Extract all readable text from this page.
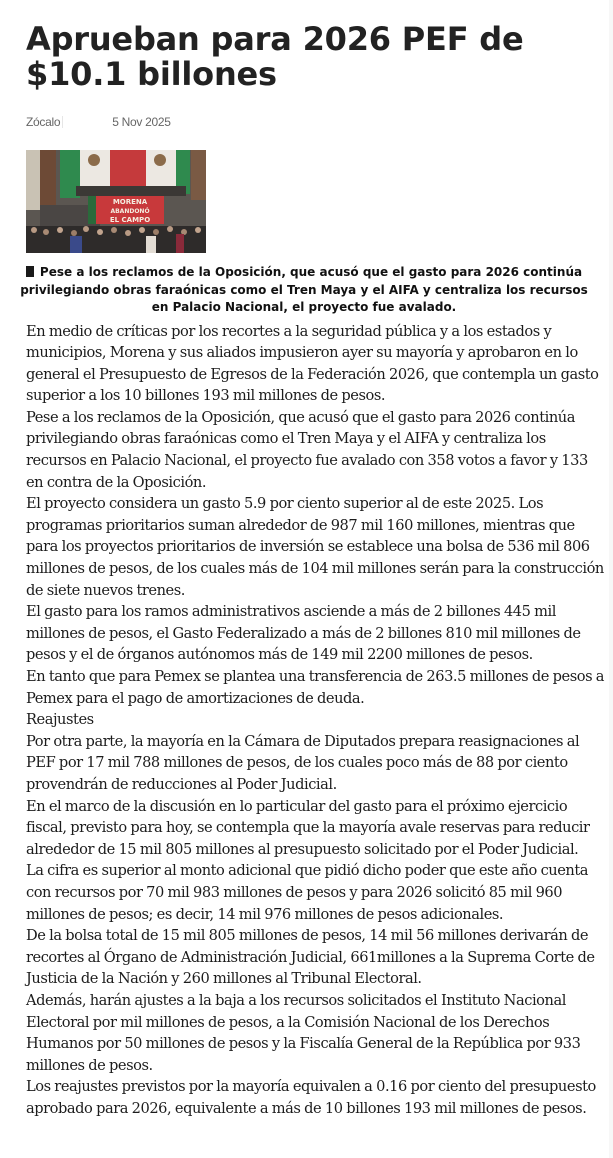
Aprueban para 2026 PEF de $10.1 billones
Zócalo	5 Nov 2025
MORENA
ABANDONÓ
EL CAMPO

Pese a los reclamos de la Oposición, que acusó que el gasto para 2026 continúa privilegiando obras faraónicas como el Tren Maya y el AIFA y centraliza los recursos en Palacio Nacional, el proyecto fue avalado.

En medio de críticas por los recortes a la seguridad pública y a los estados y municipios, Morena y sus aliados impusieron ayer su mayoría y aprobaron en lo general el Presupuesto de Egresos de la Federación 2026, que contempla un gasto superior a los 10 billones 193 mil millones de pesos.

Pese a los reclamos de la Oposición, que acusó que el gasto para 2026 continúa privilegiando obras faraónicas como el Tren Maya y el AIFA y centraliza los recursos en Palacio Nacional, el proyecto fue avalado con 358 votos a favor y 133 en contra de la Oposición.

El proyecto considera un gasto 5.9 por ciento superior al de este 2025. Los programas prioritarios suman alrededor de 987 mil 160 millones, mientras que para los proyectos prioritarios de inversión se establece una bolsa de 536 mil 806 millones de pesos, de los cuales más de 104 mil millones serán para la construcción de siete nuevos trenes.

El gasto para los ramos administrativos asciende a más de 2 billones 445 mil millones de pesos, el Gasto Federalizado a más de 2 billones 810 mil millones de pesos y el de órganos autónomos más de 149 mil 2200 millones de pesos.

En tanto que para Pemex se plantea una transferencia de 263.5 millones de pesos a Pemex para el pago de amortizaciones de deuda.

Reajustes

Por otra parte, la mayoría en la Cámara de Diputados prepara reasignaciones al PEF por 17 mil 788 millones de pesos, de los cuales poco más de 88 por ciento provendrán de reducciones al Poder Judicial.

En el marco de la discusión en lo particular del gasto para el próximo ejercicio fiscal, previsto para hoy, se contempla que la mayoría avale reservas para reducir alrededor de 15 mil 805 millones al presupuesto solicitado por el Poder Judicial.

La cifra es superior al monto adicional que pidió dicho poder que este año cuenta con recursos por 70 mil 983 millones de pesos y para 2026 solicitó 85 mil 960 millones de pesos; es decir, 14 mil 976 millones de pesos adicionales.

De la bolsa total de 15 mil 805 millones de pesos, 14 mil 56 millones derivarán de recortes al Órgano de Administración Judicial, 661millones a la Suprema Corte de Justicia de la Nación y 260 millones al Tribunal Electoral.

Además, harán ajustes a la baja a los recursos solicitados el Instituto Nacional Electoral por mil millones de pesos, a la Comisión Nacional de los Derechos Humanos por 50 millones de pesos y la Fiscalía General de la República por 933 millones de pesos.

Los reajustes previstos por la mayoría equivalen a 0.16 por ciento del presupuesto aprobado para 2026, equivalente a más de 10 billones 193 mil millones de pesos.
